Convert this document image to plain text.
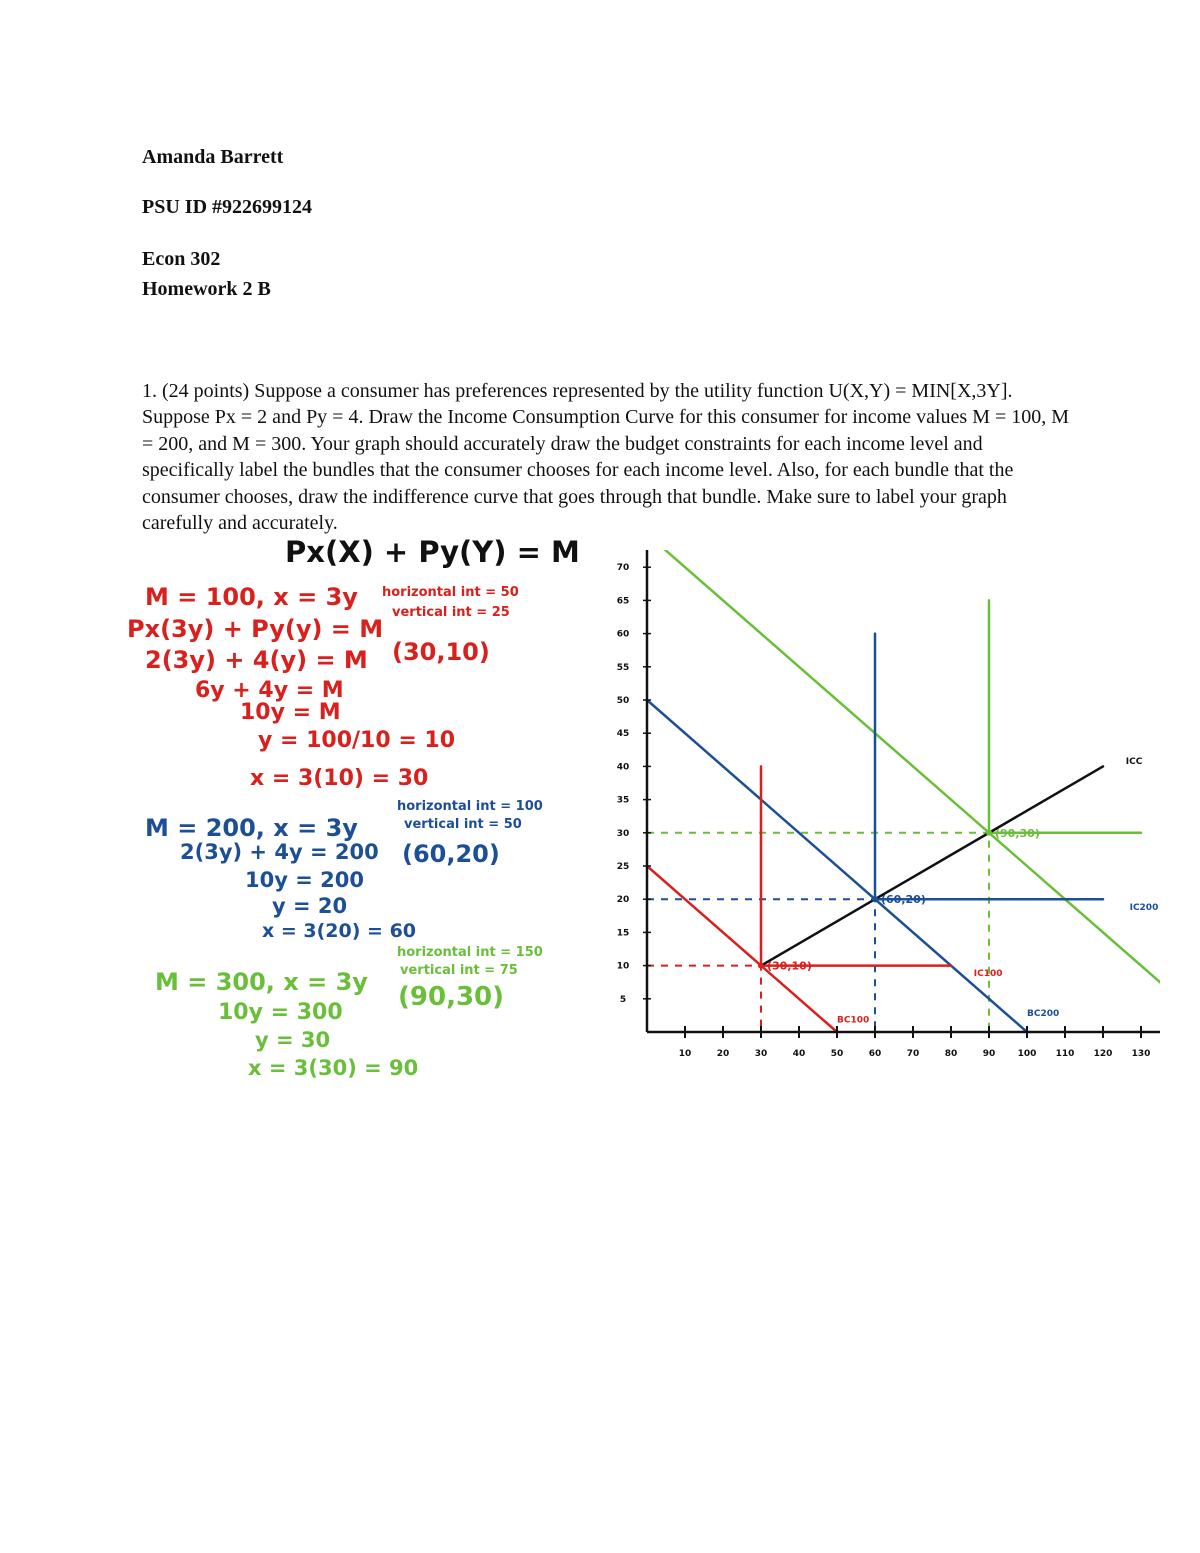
Amanda Barrett

PSU ID #922699124

Econ 302

Homework 2 B

1. (24 points) Suppose a consumer has preferences represented by the utility function U(X,Y) = MIN[X,3Y]. Suppose Px = 2 and Py = 4. Draw the Income Consumption Curve for this consumer for income values M = 100, M = 200, and M = 300. Your graph should accurately draw the budget constraints for each income level and specifically label the bundles that the consumer chooses for each income level. Also, for each bundle that the consumer chooses, draw the indifference curve that goes through that bundle. Make sure to label your graph carefully and accurately.

Px(X) + Py(Y) = M

M = 100, x = 3y

Px(3y) + Py(y) = M

2(3y) + 4(y) = M

6y + 4y = M

10y = M

y = 100/10 = 10

x = 3(10) = 30

horizontal int = 50

vertical int = 25

(30,10)

M = 200, x = 3y

2(3y) + 4y = 200

10y = 200

y = 20

x = 3(20) = 60

horizontal int = 100

vertical int = 50

(60,20)

M = 300, x = 3y

10y = 300

y = 30

x = 3(30) = 90

horizontal int = 150

vertical int = 75

(90,30)

10	20	30	40	50	60	70	80	90 100 110 120 130
5
10
15
20
25
30
35
40
45
50
55
60
65
70
(30,10)
(60,20)
(90,30)
BC100
IC100
BC200
IC200
ICC
